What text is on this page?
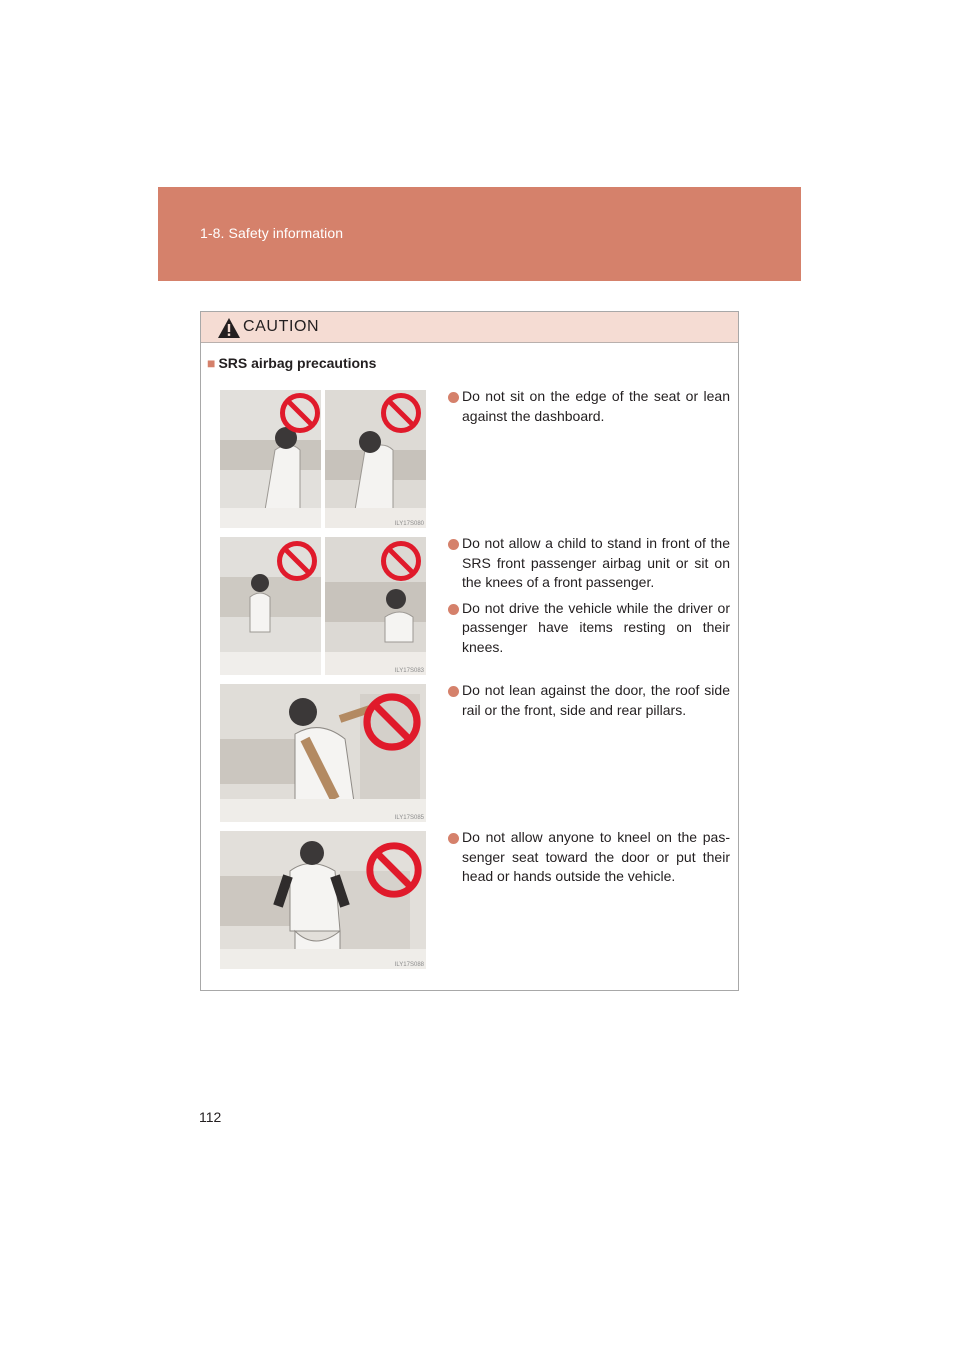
1-8. Safety information
CAUTION
■ SRS airbag precautions
ILY17S080
ILY17S083
ILY17S085
ILY17S088
Do not sit on the edge of the seat or lean against the dashboard.
Do not allow a child to stand in front of the SRS front passenger airbag unit or sit on the knees of a front passenger.
Do not drive the vehicle while the driver or passenger have items resting on their knees.
Do not lean against the door, the roof side rail or the front, side and rear pillars.
Do not allow anyone to kneel on the pas-senger seat toward the door or put their head or hands outside the vehicle.
112
